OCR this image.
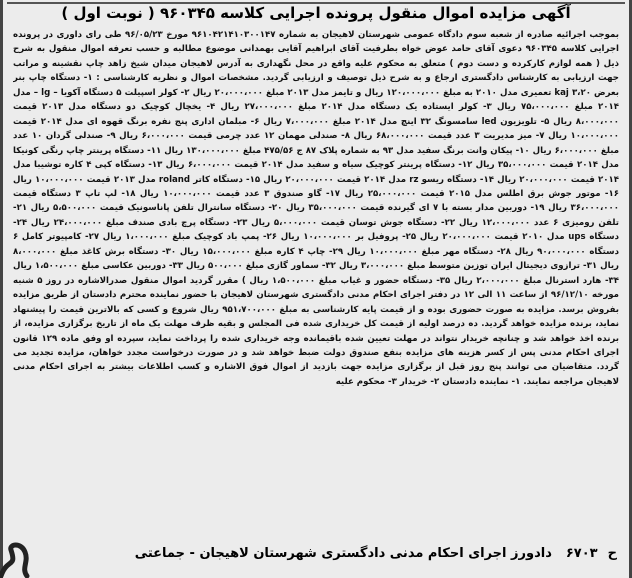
آگهی مزایده اموال منقول پرونده اجرایی کلاسه ۹۶۰۳۴۵ ( نوبت اول )
بموجب اجرائیه صادره از شعبه سوم دادگاه عمومی شهرستان لاهیجان به شماره ۹۶۱۰۴۲۱۴۱۰۳۰۰۱۴۷ مورخ ۹۶/۰۵/۲۳ طی رای داوری در پرونده اجرایی کلاسه ۹۶۰۳۴۵ دعوی آقای حامد عوض خواه بطرفیت آقای ابراهیم آقایی بهمدانی موضوع مطالبه و حسب تعرفه اموال منقول به شرح ذیل ( همه لوازم کارکرده و دست دوم ) متعلق به محکوم علیه واقع در محل نگهداری به آدرس لاهیجان میدان شیخ زاهد چاپ نقشینه و مراتب جهت ارزیابی به کارشناس دادگستری ارجاع و به شرح ذیل توصیف و ارزیابی گردید. مشخصات اموال و نظریه کارشناسی : ۱- دستگاه چاپ بنر بعرض ۳،۲۰ kaj تعمیری مدل ۲۰۱۰ به مبلغ ۱۲۰،۰۰۰،۰۰۰ ریال و تایمز مدل ۲۰۱۳ مبلغ ۲۰،۰۰۰،۰۰۰ ریال ۲- کولر اسپیلت ۵ دستگاه آکویا – lg – مدل ۲۰۱۴ مبلغ ۷۵،۰۰۰،۰۰۰ ریال ۳- کولر ایستاده یک دستگاه مدل ۲۰۱۴ مبلغ ۲۷،۰۰۰،۰۰۰ ریال ۴- یخچال کوچیک دو دستگاه مدل ۲۰۱۳ قیمت ۸،۰۰۰،۰۰۰ ریال ۵- تلویزیون led سامسونگ ۳۲ اینچ مدل ۲۰۱۴ مبلغ ۷،۰۰۰،۰۰۰ ریال ۶- مبلمان اداری پنج نفره برنگ قهوه ای مدل ۲۰۱۴ قیمت ۱۰،۰۰۰،۰۰۰ ریال ۷- میز مدیریت ۳ عدد قیمت ۶۸،۰۰۰،۰۰۰ ریال ۸- صندلی مهمان ۱۲ عدد چرمی قیمت ۶،۰۰۰،۰۰۰ ریال ۹- صندلی گردان ۱۰ عدد مبلغ ۶،۰۰۰،۰۰۰ ریال ۱۰- پیکان وانت برنگ سفید مدل ۹۳ به شماره پلاک ۸۷ ج ۴۷۵/۵۶ مبلغ ۱۳۰،۰۰۰،۰۰۰ ریال ۱۱- دستگاه پرینتر چاپ رنگی کونیکا مدل ۲۰۱۴ قیمت ۳۵،۰۰۰،۰۰۰ ریال ۱۲- دستگاه پرینتر کوچیک سیاه و سفید مدل ۲۰۱۴ قیمت ۶،۰۰۰،۰۰۰ ریال ۱۳- دستگاه کپی ۴ کاره توشیبا مدل ۲۰۱۴ قیمت ۲۰،۰۰۰،۰۰۰ ریال ۱۴- دستگاه ریسو rz مدل ۲۰۱۴ قیمت ۲۰،۰۰۰،۰۰۰ ریال ۱۵- دستگاه کاتر roland مدل ۲۰۱۳ قیمت ۱۰،۰۰۰،۰۰۰ ریال ۱۶- موتور جوش برق اطلس مدل ۲۰۱۵ قیمت ۲۵،۰۰۰،۰۰۰ ریال ۱۷- گاو صندوق ۳ عدد قیمت ۱۰،۰۰۰،۰۰۰ ریال ۱۸- لپ تاپ ۳ دستگاه قیمت ۳۶،۰۰۰،۰۰۰ ریال ۱۹- دوربین مدار بسته با ۷ ای گیرنده قیمت ۳۵،۰۰۰،۰۰۰ ریال ۲۰- دستگاه سانترال تلفن پاناسونیک قیمت ۵،۵۰۰،۰۰۰ ریال ۲۱- تلفن رومیزی ۶ عدد ۱۲،۰۰۰،۰۰۰ ریال ۲۲- دستگاه جوش توسان قیمت ۵،۰۰۰،۰۰۰ ریال ۲۳- دستگاه پرچ بادی صندف مبلغ ۲۴،۰۰۰،۰۰۰ ریال ۲۴- دستگاه ups مدل ۲۰۱۰ قیمت ۲۰،۰۰۰،۰۰۰ ریال ۲۵- پروفیل بر ۱۰،۰۰۰،۰۰۰ ریال ۲۶- پمپ باد کوچیک مبلغ ۱،۰۰۰،۰۰۰ ریال ۲۷- کامپیوتر کامل ۶ دستگاه ۹۰،۰۰۰،۰۰۰ ریال ۲۸- دستگاه مهر مبلغ ۱۰،۰۰۰،۰۰۰ ریال ۲۹- چاپ ۴ کاره مبلغ ۱۵،۰۰۰،۰۰۰ ریال ۳۰- دستگاه برش کاغذ مبلغ ۸،۰۰۰،۰۰۰ ریال ۳۱- ترازوی دیجیتال ایران توزین متوسط مبلغ ۳،۰۰۰،۰۰۰ ریال ۳۲- سماور گازی مبلغ ۵۰۰،۰۰۰ ریال ۳۳- دوربین عکاسی مبلغ ۱،۵۰۰،۰۰۰ ریال ۳۴- هارد استرنال مبلغ ۲،۰۰۰،۰۰۰ ریال ۳۵- دستگاه حضور و غیاب مبلغ ۱،۵۰۰،۰۰۰ ریال ) مقرر گردید اموال منقول صدرالاشاره در روز ۵ شنبه مورخه ۹۶/۱۲/۱۰ از ساعت ۱۱ الی ۱۲ در دفتر اجرای احکام مدنی دادگستری شهرستان لاهیجان با حضور نماینده محترم دادستان از طریق مزایده بفروش برسد. مزایده به صورت حضوری بوده و از قیمت پایه کارشناسی به مبلغ ۹۵۱،۷۰۰،۰۰۰ ریال شروع و کسی که بالاترین قیمت را پیشنهاد نماید، برنده مزایده خواهد گردید. ده درصد اولیه از قیمت کل خریداری شده فی المجلس و بقیه ظرف مهلت یک ماه از تاریخ برگزاری مزایده، از برنده اخذ خواهد شد و چنانچه خریدار نتواند در مهلت تعیین شده باقیمانده وجه خریداری شده را پرداخت نماید، سپرده او وفق ماده ۱۲۹ قانون اجرای احکام مدنی پس از کسر هزینه های مزایده بنفع صندوق دولت ضبط خواهد شد و در صورت درخواست مجدد خواهان، مزایده تجدید می گردد. متقاضیان می توانند پنج روز قبل از برگزاری مزایده جهت بازدید از اموال فوق الاشاره و کسب اطلاعات بیشتر به اجرای احکام مدنی لاهیجان مراجعه نمایند. ۱- نماینده دادستان ۲- خریدار ۳- محکوم علیه
ح
۶۷۰۳
دادورز اجرای احکام مدنی دادگستری شهرستان لاهیجان - جماعتی
